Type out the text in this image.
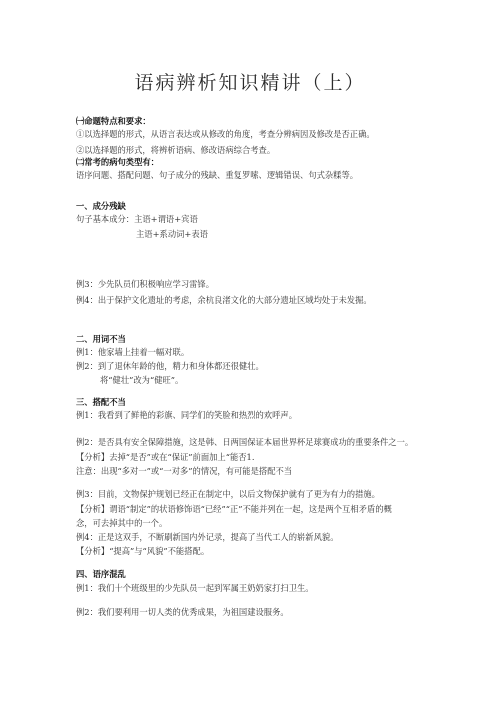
语病辨析知识精讲（上）
㈠命题特点和要求：
①以选择题的形式，从语言表达或从修改的角度，考查分辨病因及修改是否正确。
②以选择题的形式，将辨析语病、修改语病综合考查。
㈡常考的病句类型有：
语序问题、搭配问题、句子成分的残缺、重复罗嗦、逻辑错误、句式杂糅等。
一、成分残缺
句子基本成分：主语+谓语+宾语
主语+系动词+表语
例3：少先队员们积极响应学习雷锋。
例4：出于保护文化遗址的考虑，余杭良渚文化的大部分遗址区域均处于未发掘。
二、用词不当
例1：他家墙上挂着一幅对联。
例2：到了退休年龄的他，精力和身体都还很健壮。
将“健壮”改为“健旺”。
三、搭配不当
例1：我看到了鲜艳的彩旗、同学们的笑脸和热烈的欢呼声。
例2：是否具有安全保障措施，这是韩、日两国保证本届世界杯足球赛成功的重要条件之一。
【分析】去掉“是否”或在“保证”前面加上“能否1.
注意：出现“多对一”或“一对多”的情况，有可能是搭配不当
例3：目前，文物保护规划已经正在制定中，以后文物保护就有了更为有力的措施。
【分析】谓语“制定”的状语修饰语“已经”“正”不能并列在一起，这是两个互相矛盾的概
念，可去掉其中的一个。
例4：正是这双手，不断刷新国内外记录，提高了当代工人的崭新风貌。
【分析】“提高”与“风貌”不能搭配。
四、语序混乱
例1：我们十个班级里的少先队员一起到军属王奶奶家打扫卫生。
例2：我们要利用一切人类的优秀成果，为祖国建设服务。
